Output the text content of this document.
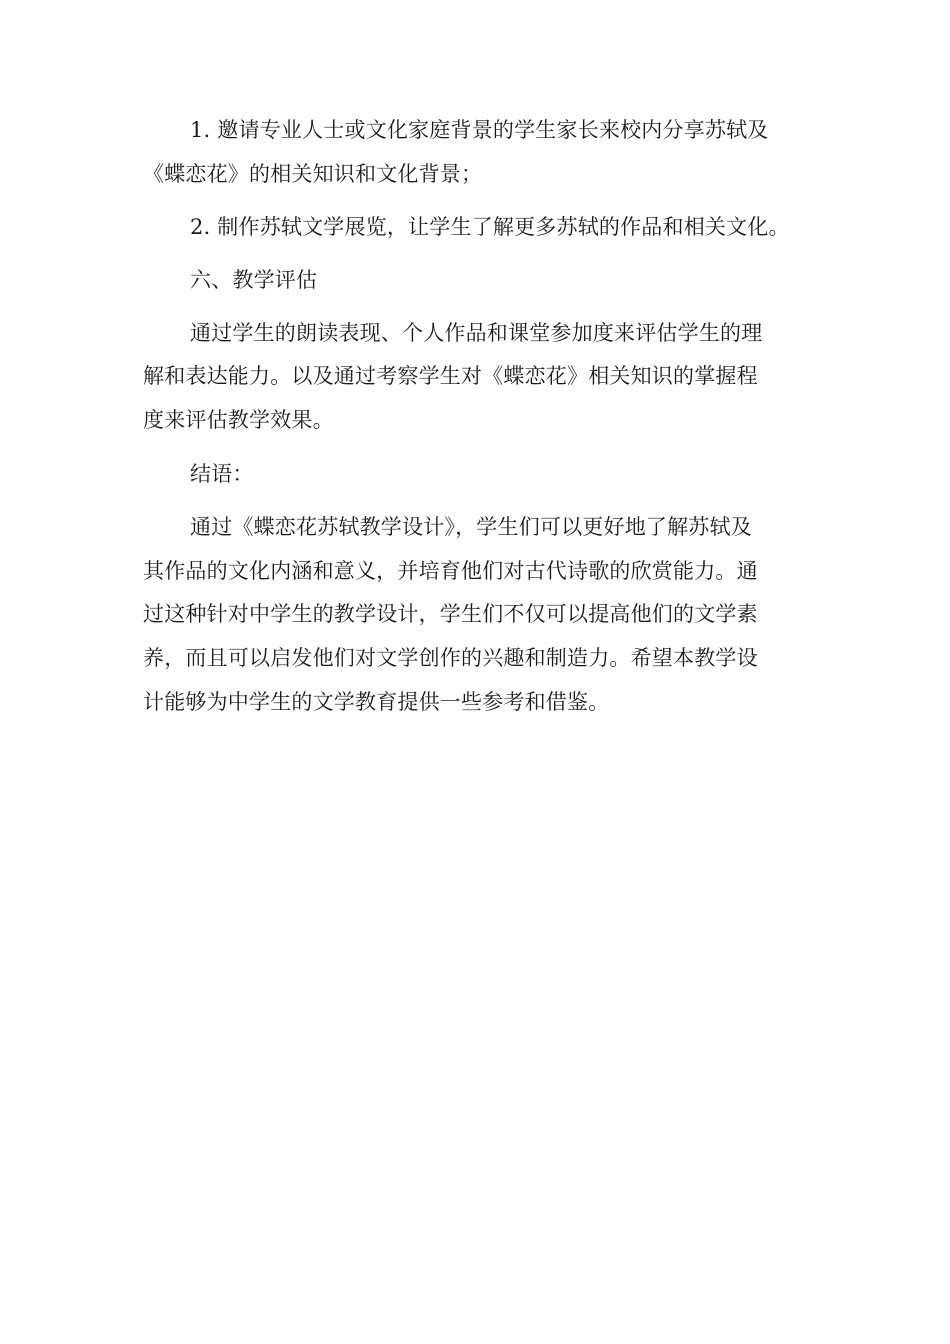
1. 邀请专业人士或文化家庭背景的学生家长来校内分享苏轼及
《蝶恋花》的相关知识和文化背景；
2. 制作苏轼文学展览，让学生了解更多苏轼的作品和相关文化。
六、教学评估
通过学生的朗读表现、个人作品和课堂参加度来评估学生的理
解和表达能力。以及通过考察学生对《蝶恋花》相关知识的掌握程
度来评估教学效果。
结语：
通过《蝶恋花苏轼教学设计》，学生们可以更好地了解苏轼及
其作品的文化内涵和意义，并培育他们对古代诗歌的欣赏能力。通
过这种针对中学生的教学设计，学生们不仅可以提高他们的文学素
养，而且可以启发他们对文学创作的兴趣和制造力。希望本教学设
计能够为中学生的文学教育提供一些参考和借鉴。
